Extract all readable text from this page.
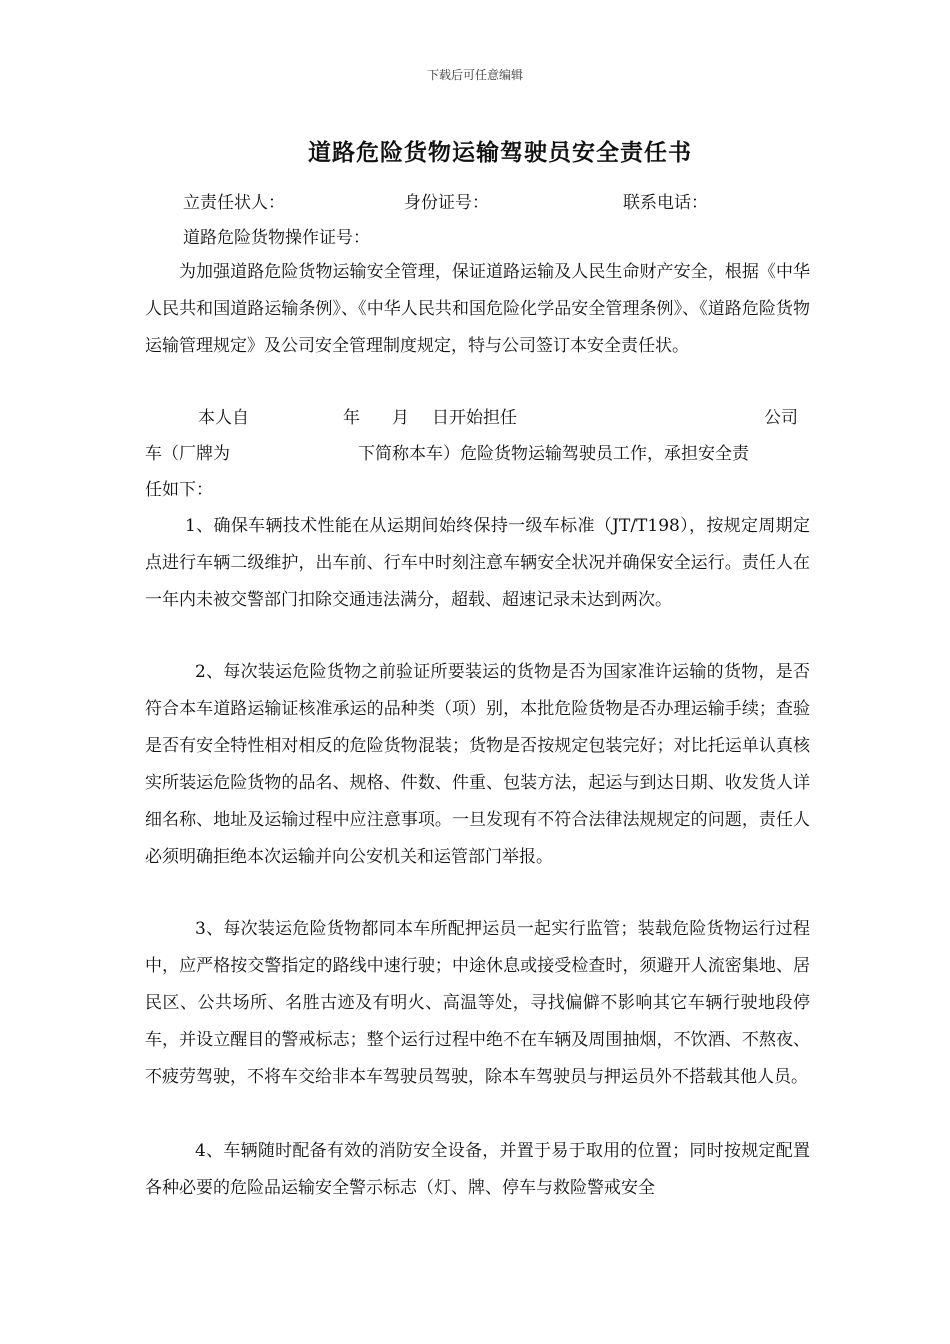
下载后可任意编辑
道路危险货物运输驾驶员安全责任书
立责任状人：	身份证号：	联系电话：
道路危险货物操作证号：

为加强道路危险货物运输安全管理，保证道路运输及人民生命财产安全，根据《中华人民共和国道路运输条例》、《中华人民共和国危险化学品安全管理条例》、《道路危险货物运输管理规定》及公司安全管理制度规定，特与公司签订本安全责任状。

本人自	年 月 日开始担任	公司
车（厂牌为	下简称本车）危险货物运输驾驶员工作，承担安全责
任如下：

1、确保车辆技术性能在从运期间始终保持一级车标准（JT/T198），按规定周期定点进行车辆二级维护，出车前、行车中时刻注意车辆安全状况并确保安全运行。责任人在一年内未被交警部门扣除交通违法满分，超载、超速记录未达到两次。

2、每次装运危险货物之前验证所要装运的货物是否为国家准许运输的货物，是否符合本车道路运输证核准承运的品种类（项）别，本批危险货物是否办理运输手续；查验是否有安全特性相对相反的危险货物混装；货物是否按规定包装完好；对比托运单认真核实所装运危险货物的品名、规格、件数、件重、包装方法，起运与到达日期、收发货人详细名称、地址及运输过程中应注意事项。一旦发现有不符合法律法规规定的问题，责任人必须明确拒绝本次运输并向公安机关和运管部门举报。

3、每次装运危险货物都同本车所配押运员一起实行监管；装载危险货物运行过程中，应严格按交警指定的路线中速行驶；中途休息或接受检查时，须避开人流密集地、居民区、公共场所、名胜古迹及有明火、高温等处，寻找偏僻不影响其它车辆行驶地段停车，并设立醒目的警戒标志；整个运行过程中绝不在车辆及周围抽烟，不饮酒、不熬夜、不疲劳驾驶，不将车交给非本车驾驶员驾驶，除本车驾驶员与押运员外不搭载其他人员。

4、车辆随时配备有效的消防安全设备，并置于易于取用的位置；同时按规定配置各种必要的危险品运输安全警示标志（灯、牌、停车与救险警戒安全
